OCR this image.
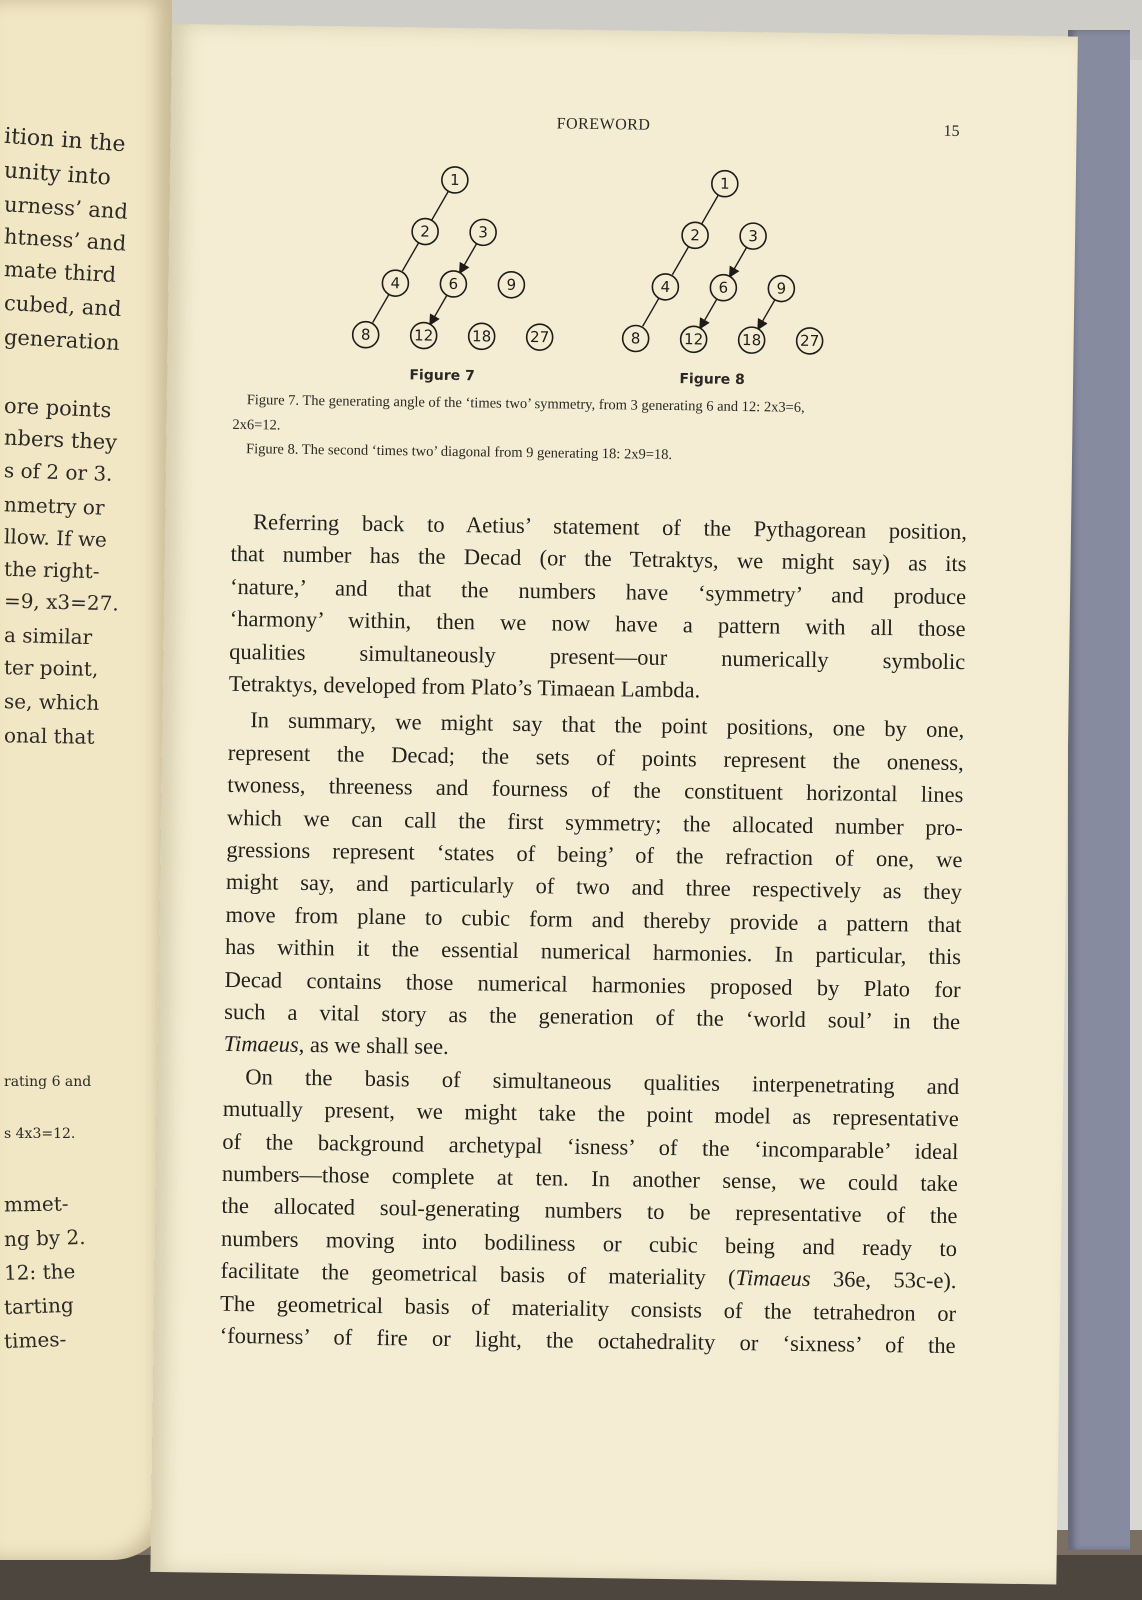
ition in the
unity into
urness’ and
htness’ and
mate third
cubed, and
generation
ore points
nbers they
s of 2 or 3.
nmetry or
llow. If we
the right-
=9, x3=27.
a similar
ter point,
se, which
onal that
rating 6 and
s 4x3=12.
mmet-
ng by 2.
12: the
tarting
times-
FOREWORD	15
1
2	3
4	6	9
8	12	18	27
Figure 7
1
2	3
4	6	9
8	12	18	27
Figure 8
Figure 7. The generating angle of the ‘times two’ symmetry, from 3 generating 6 and 12: 2x3=6,
2x6=12.
Figure 8. The second ‘times two’ diagonal from 9 generating 18: 2x9=18.
Referring back to Aetius’ statement of the Pythagorean position,
that number has the Decad (or the Tetraktys, we might say) as its
‘nature,’ and that the numbers have ‘symmetry’ and produce
‘harmony’ within, then we now have a pattern with all those
qualities simultaneously present—our numerically symbolic
Tetraktys, developed from Plato’s Timaean Lambda.
In summary, we might say that the point positions, one by one,
represent the Decad; the sets of points represent the oneness,
twoness, threeness and fourness of the constituent horizontal lines
which we can call the first symmetry; the allocated number pro-
gressions represent ‘states of being’ of the refraction of one, we
might say, and particularly of two and three respectively as they
move from plane to cubic form and thereby provide a pattern that
has within it the essential numerical harmonies. In particular, this
Decad contains those numerical harmonies proposed by Plato for
such a vital story as the generation of the ‘world soul’ in the
Timaeus, as we shall see.
On the basis of simultaneous qualities interpenetrating and
mutually present, we might take the point model as representative
of the background archetypal ‘isness’ of the ‘incomparable’ ideal
numbers—those complete at ten. In another sense, we could take
the allocated soul-generating numbers to be representative of the
numbers moving into bodiliness or cubic being and ready to
facilitate the geometrical basis of materiality (Timaeus 36e, 53c-e).
The geometrical basis of materiality consists of the tetrahedron or
‘fourness’ of fire or light, the octahedrality or ‘sixness’ of the
